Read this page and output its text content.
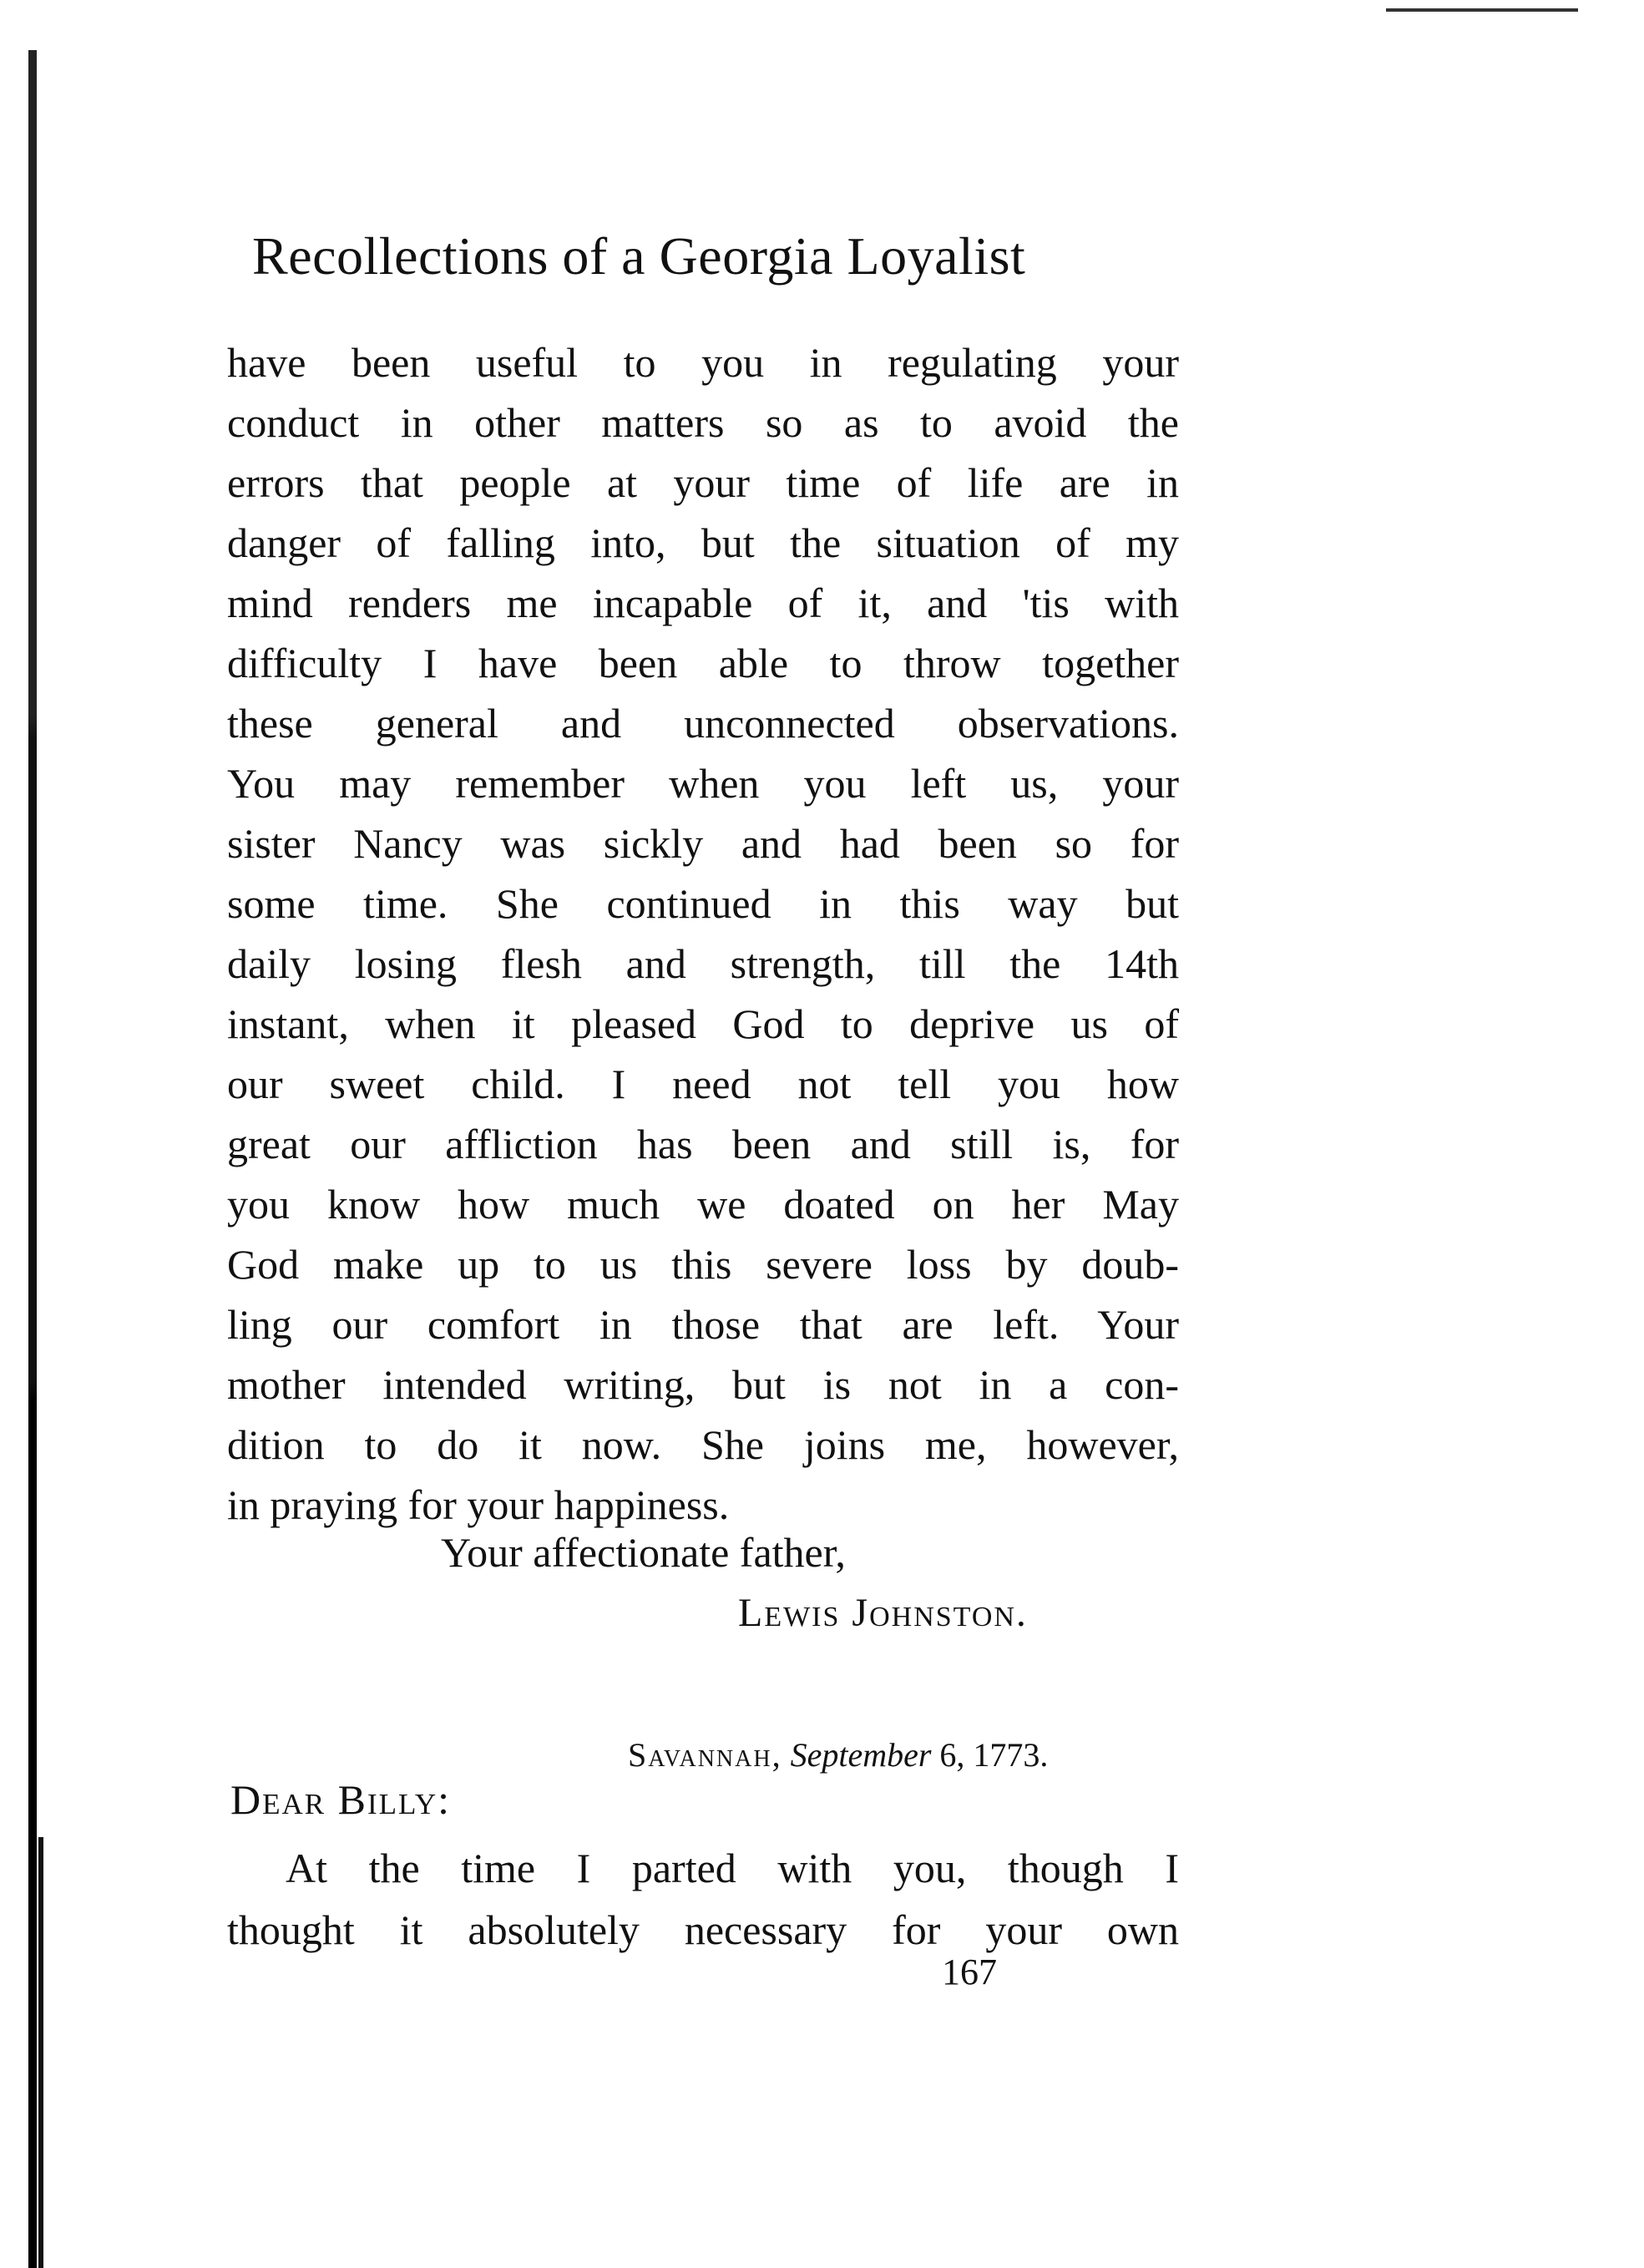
Recollections of a Georgia Loyalist
have been useful to you in regulating your
conduct in other matters so as to avoid the
errors that people at your time of life are in
danger of falling into, but the situation of my
mind renders me incapable of it, and 'tis with
difficulty I have been able to throw together
these general and unconnected observations.
You may remember when you left us, your
sister Nancy was sickly and had been so for
some time. She continued in this way but
daily losing flesh and strength, till the 14th
instant, when it pleased God to deprive us of
our sweet child. I need not tell you how
great our affliction has been and still is, for
you know how much we doated on her May
God make up to us this severe loss by doub-
ling our comfort in those that are left. Your
mother intended writing, but is not in a con-
dition to do it now. She joins me, however,
in praying for your happiness.
Your affectionate father,
Lewis Johnston.
Savannah, September 6, 1773.
Dear Billy:
At the time I parted with you, though I
thought it absolutely necessary for your own
167
